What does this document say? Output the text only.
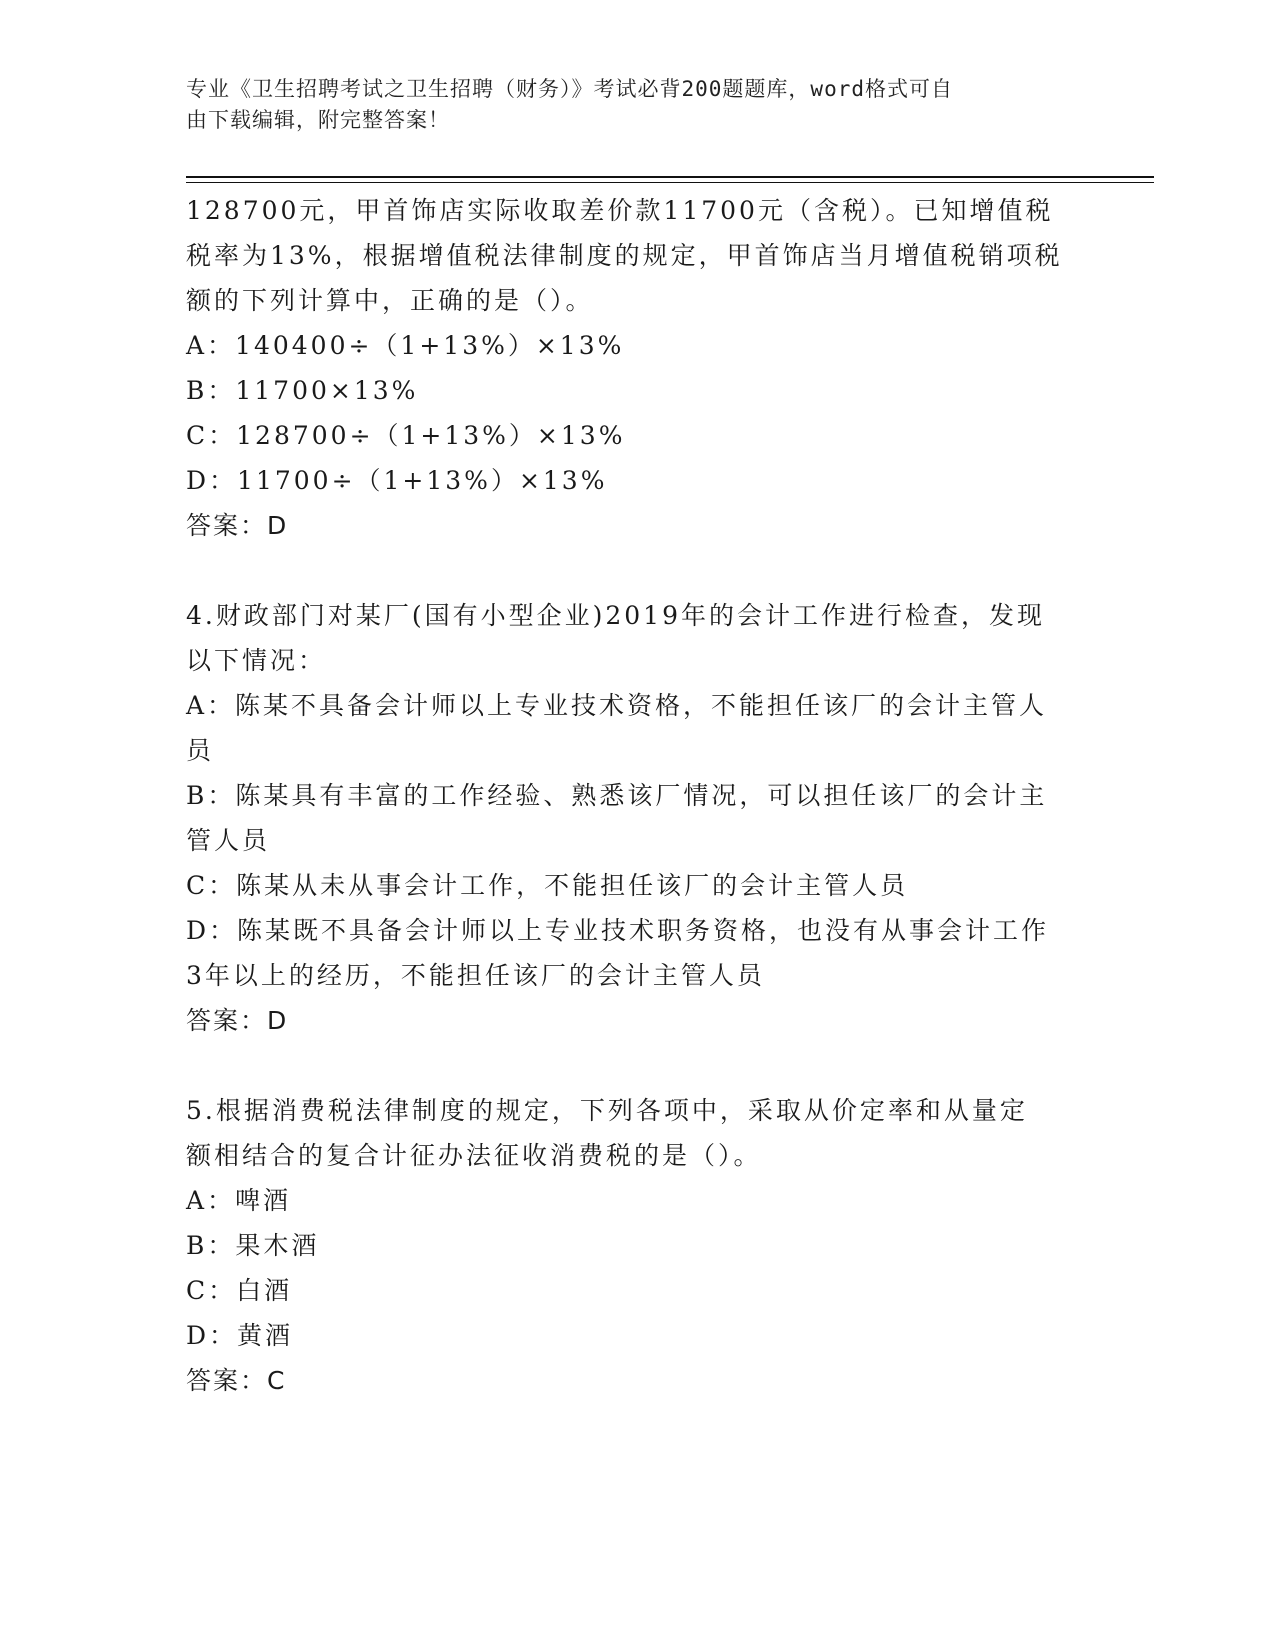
专业《卫生招聘考试之卫生招聘（财务）》考试必背200题题库，word格式可自
由下载编辑，附完整答案！
128700元，甲首饰店实际收取差价款11700元（含税）。已知增值税
税率为13%，根据增值税法律制度的规定，甲首饰店当月增值税销项税
额的下列计算中，正确的是（）。
A：140400÷（1+13%）×13%
B：11700×13%
C：128700÷（1+13%）×13%
D：11700÷（1+13%）×13%
答案：D
4.财政部门对某厂(国有小型企业)2019年的会计工作进行检查，发现
以下情况：
A：陈某不具备会计师以上专业技术资格，不能担任该厂的会计主管人
员
B：陈某具有丰富的工作经验、熟悉该厂情况，可以担任该厂的会计主
管人员
C：陈某从未从事会计工作，不能担任该厂的会计主管人员
D：陈某既不具备会计师以上专业技术职务资格，也没有从事会计工作
3年以上的经历，不能担任该厂的会计主管人员
答案：D
5.根据消费税法律制度的规定，下列各项中，采取从价定率和从量定
额相结合的复合计征办法征收消费税的是（）。
A：啤酒
B：果木酒
C：白酒
D：黄酒
答案：C
